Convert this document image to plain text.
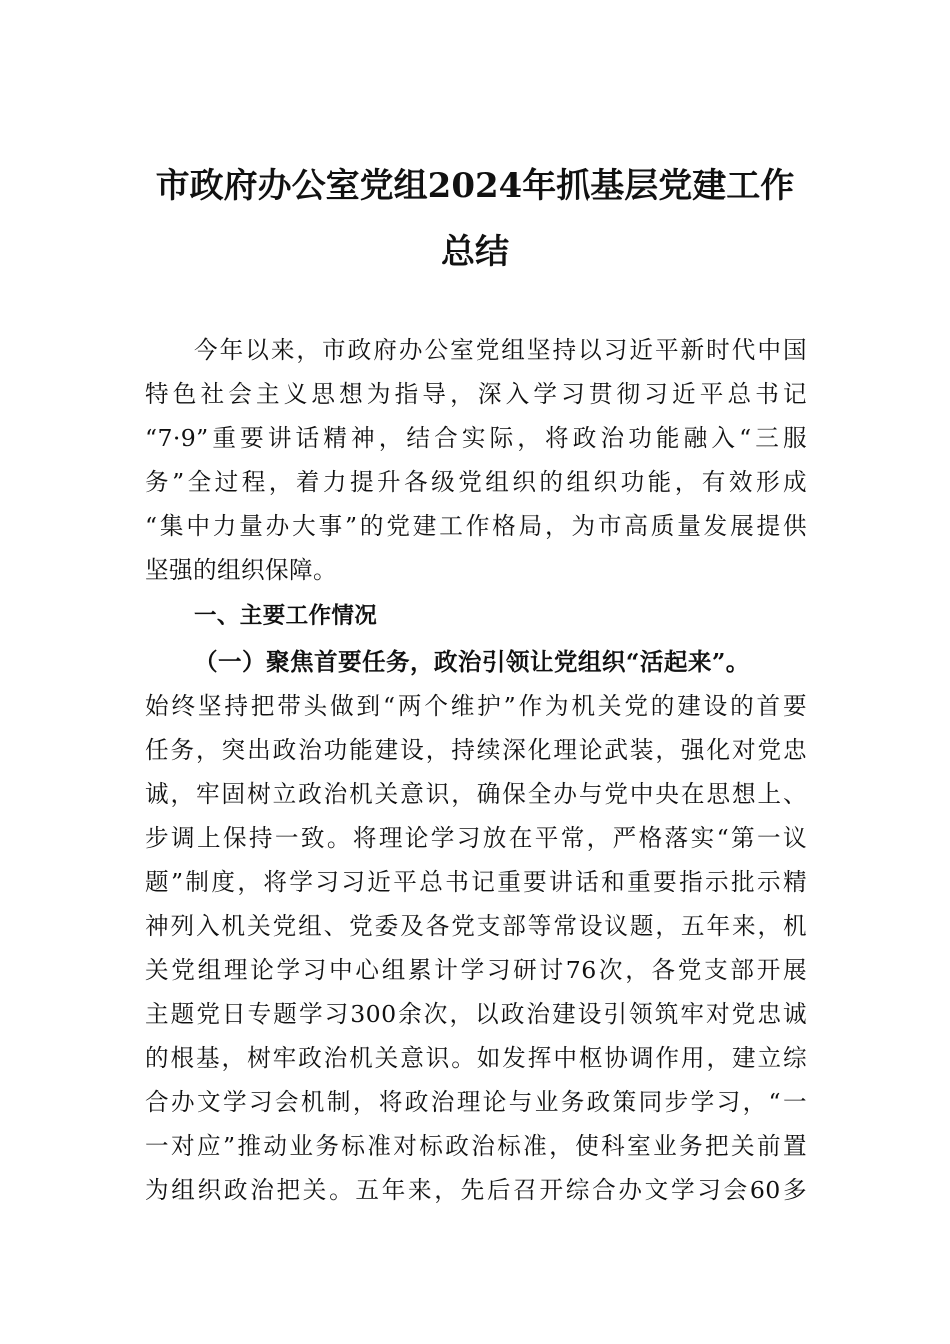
市政府办公室党组2024年抓基层党建工作
总结

今年以来，市政府办公室党组坚持以习近平新时代中国

特色社会主义思想为指导，深入学习贯彻习近平总书记

“7·9”重要讲话精神，结合实际，将政治功能融入“三服

务”全过程，着力提升各级党组织的组织功能，有效形成

“集中力量办大事”的党建工作格局，为市高质量发展提供

坚强的组织保障。

一、主要工作情况

（一）聚焦首要任务，政治引领让党组织“活起来”。

始终坚持把带头做到“两个维护”作为机关党的建设的首要

任务，突出政治功能建设，持续深化理论武装，强化对党忠

诚，牢固树立政治机关意识，确保全办与党中央在思想上、

步调上保持一致。将理论学习放在平常，严格落实“第一议

题”制度，将学习习近平总书记重要讲话和重要指示批示精

神列入机关党组、党委及各党支部等常设议题，五年来，机

关党组理论学习中心组累计学习研讨76次，各党支部开展

主题党日专题学习300余次，以政治建设引领筑牢对党忠诚

的根基，树牢政治机关意识。如发挥中枢协调作用，建立综

合办文学习会机制，将政治理论与业务政策同步学习，“一

一对应”推动业务标准对标政治标准，使科室业务把关前置

为组织政治把关。五年来，先后召开综合办文学习会60多
